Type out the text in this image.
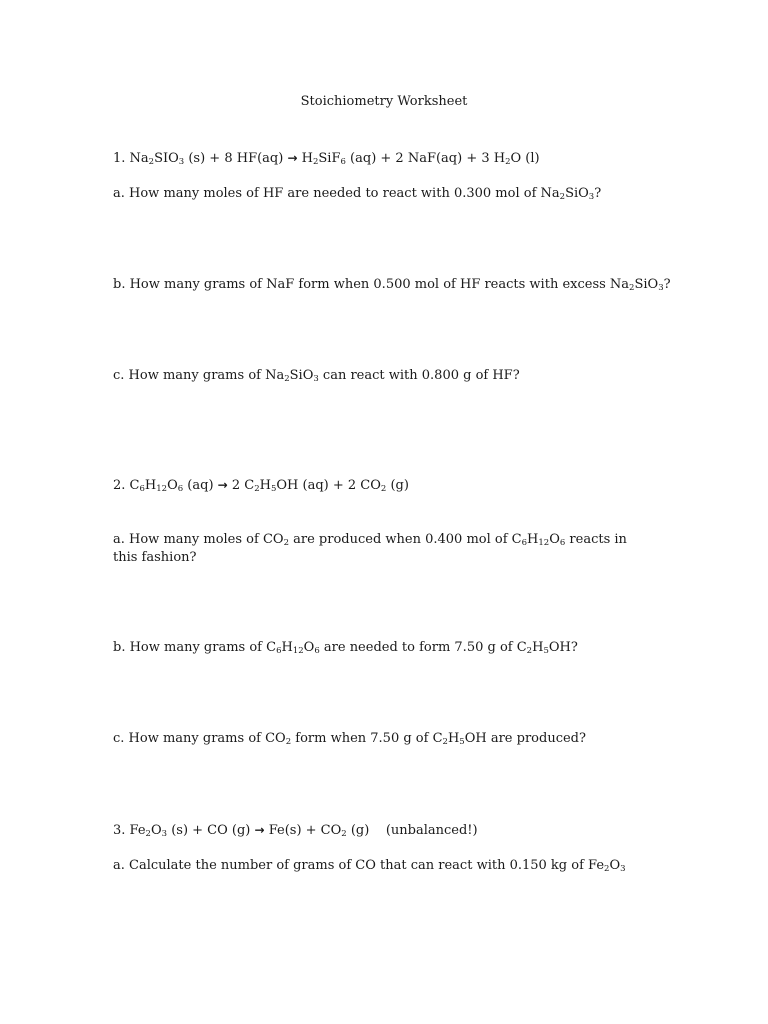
Stoichiometry Worksheet
1. $Na_2SIO_3$ (s) + 8 $HF(aq) \to H_2SiF_6$ (aq) + 2 NaF(aq) + 3 $H_2O$ (l)
a. How many moles of HF are needed to react with 0.300 mol of $Na_2SiO_3$?
b. How many grams of NaF form when 0.500 mol of HF reacts with excess $Na_2SiO_3$?
c. How many grams of $Na_2SiO_3$ can react with 0.800 g of HF?
2. $C_6H_{12}O_6$ (aq) → 2 $C_2H_5OH$ (aq) + 2 $CO_2$ (g)
a. How many moles of $CO_2$ are produced when 0.400 mol of $C_6H_{12}O_6$ reacts in this fashion?
b. How many grams of $C_6H_{12}O_6$ are needed to form 7.50 g of $C_2H_5OH$?
c. How many grams of $CO_2$ form when 7.50 g of $C_2H_5OH$ are produced?
3. $Fe_2O_3$ (s) + CO $(g) \to Fe(s) + CO_2$ (g)    (unbalanced!)
a. Calculate the number of grams of CO that can react with 0.150 kg of $Fe_2O_3$
